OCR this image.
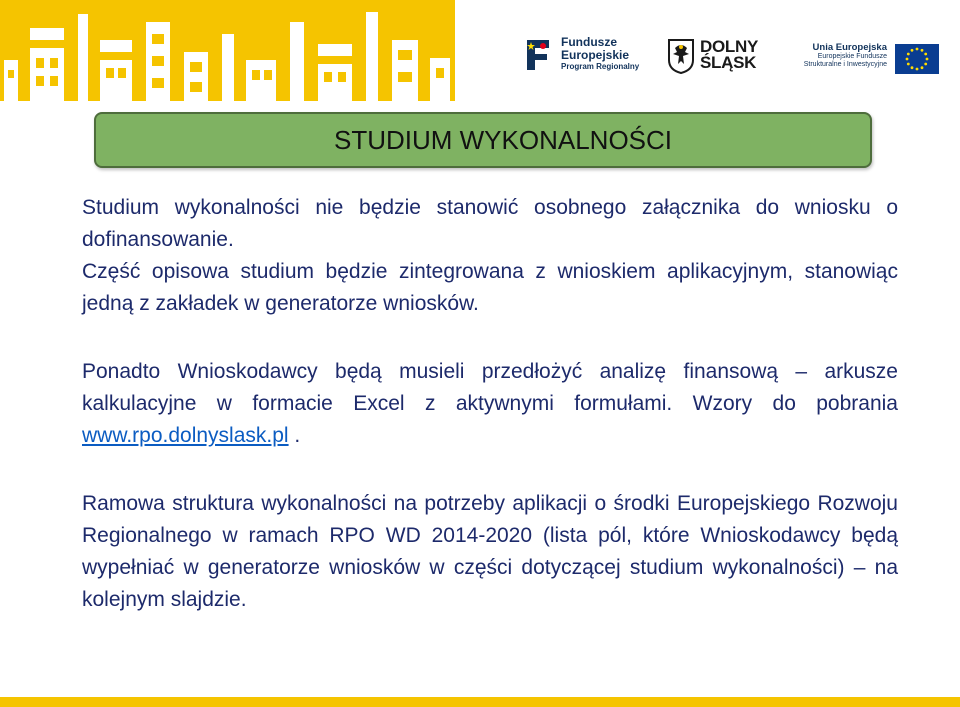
Fundusze
Europejskie
Program Regionalny
DOLNY
ŚLĄSK
Unia Europejska
Europejskie Fundusze
Strukturalne i Inwestycyjne
STUDIUM WYKONALNOŚCI

Studium wykonalności nie będzie stanowić osobnego załącznika do wniosku o dofinansowanie.

Część opisowa studium będzie zintegrowana z wnioskiem aplikacyjnym, stanowiąc jedną z zakładek w generatorze wniosków.

Ponadto Wnioskodawcy będą musieli przedłożyć analizę finansową – arkusze kalkulacyjne w formacie Excel z aktywnymi formułami. Wzory do pobrania www.rpo.dolnyslask.pl .

Ramowa struktura wykonalności na potrzeby aplikacji o środki Europejskiego Rozwoju Regionalnego w ramach RPO WD 2014-2020 (lista pól, które Wnioskodawcy będą wypełniać w generatorze wniosków w części dotyczącej studium wykonalności) – na kolejnym slajdzie.
